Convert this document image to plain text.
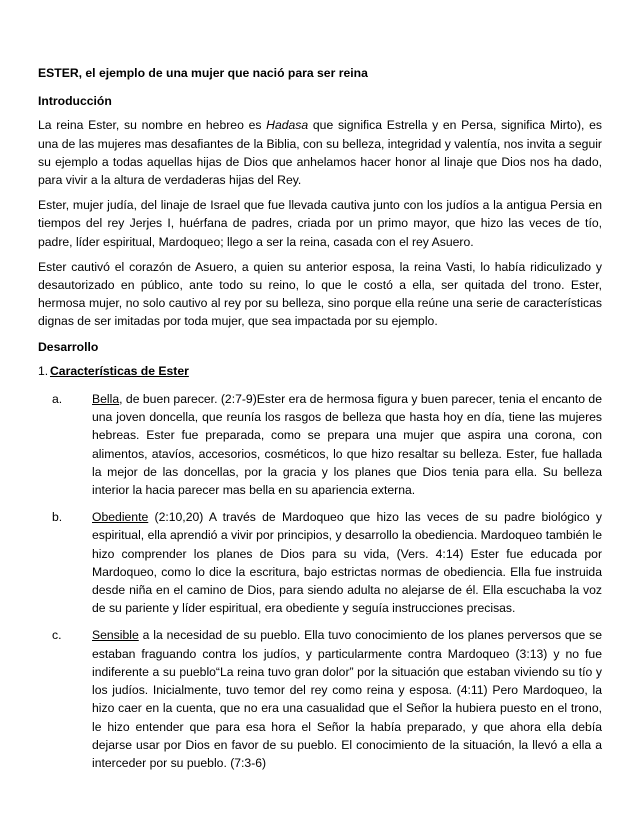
ESTER, el ejemplo de una mujer que nació para ser reina
Introducción

La reina Ester, su nombre en hebreo es Hadasa que significa Estrella y en Persa, significa Mirto), es una de las mujeres mas desafiantes de la Biblia, con su belleza, integridad y valentía, nos invita a seguir su ejemplo a todas aquellas hijas de Dios que anhelamos hacer honor al linaje que Dios nos ha dado, para vivir a la altura de verdaderas hijas del Rey.

Ester, mujer judía, del linaje de Israel que fue llevada cautiva junto con los judíos a la antigua Persia en tiempos del rey Jerjes I, huérfana de padres, criada por un primo mayor, que hizo las veces de tío, padre, líder espiritual, Mardoqueo; llego a ser la reina, casada con el rey Asuero.

Ester cautivó el corazón de Asuero, a quien su anterior esposa, la reina Vasti, lo había ridiculizado y desautorizado en público, ante todo su reino, lo que le costó a ella, ser quitada del trono. Ester, hermosa mujer, no solo cautivo al rey por su belleza, sino porque ella reúne una serie de características dignas de ser imitadas por toda mujer, que sea impactada por su ejemplo.

Desarrollo
1. Características de Ester
a.	Bella, de buen parecer. (2:7-9)Ester era de hermosa figura y buen parecer, tenia el encanto de una joven doncella, que reunía los rasgos de belleza que hasta hoy en día, tiene las mujeres hebreas. Ester fue preparada, como se prepara una mujer que aspira una corona, con alimentos, atavíos, accesorios, cosméticos, lo que hizo resaltar su belleza. Ester, fue hallada la mejor de las doncellas, por la gracia y los planes que Dios tenia para ella. Su belleza interior la hacia parecer mas bella en su apariencia externa.
b.	Obediente (2:10,20) A través de Mardoqueo que hizo las veces de su padre biológico y espiritual, ella aprendió a vivir por principios, y desarrollo la obediencia. Mardoqueo también le hizo comprender los planes de Dios para su vida, (Vers. 4:14) Ester fue educada por Mardoqueo, como lo dice la escritura, bajo estrictas normas de obediencia. Ella fue instruida desde niña en el camino de Dios, para siendo adulta no alejarse de él. Ella escuchaba la voz de su pariente y líder espiritual, era obediente y seguía instrucciones precisas.
c.	Sensible a la necesidad de su pueblo. Ella tuvo conocimiento de los planes perversos que se estaban fraguando contra los judíos, y particularmente contra Mardoqueo (3:13) y no fue indiferente a su pueblo“La reina tuvo gran dolor” por la situación que estaban viviendo su tío y los judíos. Inicialmente, tuvo temor del rey como reina y esposa. (4:11) Pero Mardoqueo, la hizo caer en la cuenta, que no era una casualidad que el Señor la hubiera puesto en el trono, le hizo entender que para esa hora el Señor la había preparado, y que ahora ella debía dejarse usar por Dios en favor de su pueblo. El conocimiento de la situación, la llevó a ella a interceder por su pueblo. (7:3-6)
